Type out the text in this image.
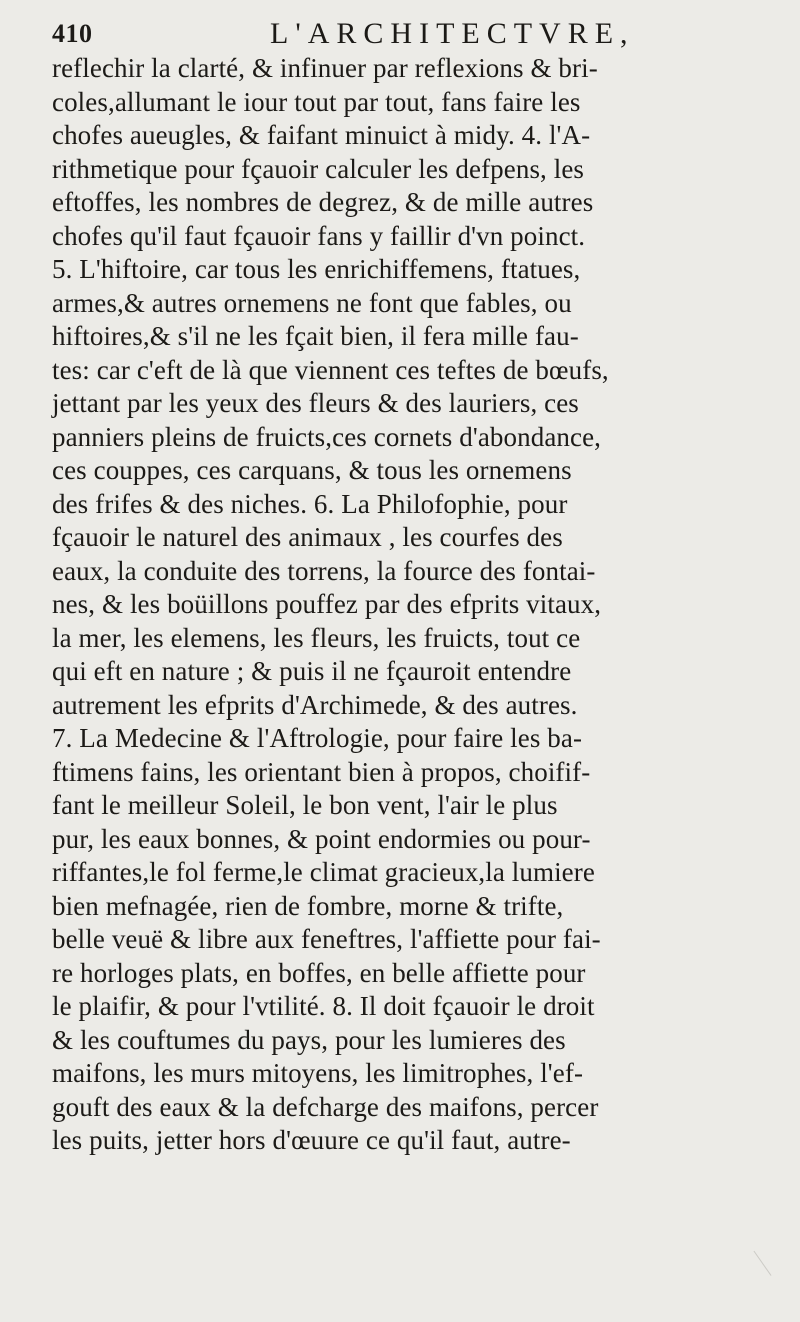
410	L'ARCHITECTVRE,
reflechir la clarté, & infinuer par reflexions & bri-
coles,allumant le iour tout par tout, fans faire les
chofes aueugles, & faifant minuict à midy. 4. l'A-
rithmetique pour fçauoir calculer les defpens, les
eftoffes, les nombres de degrez, & de mille autres
chofes qu'il faut fçauoir fans y faillir d'vn poinct.
5. L'hiftoire, car tous les enrichiffemens, ftatues,
armes,& autres ornemens ne font que fables, ou
hiftoires,& s'il ne les fçait bien, il fera mille fau-
tes: car c'eft de là que viennent ces teftes de bœufs,
jettant par les yeux des fleurs & des lauriers, ces
panniers pleins de fruicts,ces cornets d'abondance,
ces couppes, ces carquans, & tous les ornemens
des frifes & des niches. 6. La Philofophie, pour
fçauoir le naturel des animaux , les courfes des
eaux, la conduite des torrens, la fource des fontai-
nes, & les boüillons pouffez par des efprits vitaux,
la mer, les elemens, les fleurs, les fruicts, tout ce
qui eft en nature ; & puis il ne fçauroit entendre
autrement les efprits d'Archimede, & des autres.
7. La Medecine & l'Aftrologie, pour faire les ba-
ftimens fains, les orientant bien à propos, choifif-
fant le meilleur Soleil, le bon vent, l'air le plus
pur, les eaux bonnes, & point endormies ou pour-
riffantes,le fol ferme,le climat gracieux,la lumiere
bien mefnagée, rien de fombre, morne & trifte,
belle veuë & libre aux feneftres, l'affiette pour fai-
re horloges plats, en boffes, en belle affiette pour
le plaifir, & pour l'vtilité. 8. Il doit fçauoir le droit
& les couftumes du pays, pour les lumieres des
maifons, les murs mitoyens, les limitrophes, l'ef-
gouft des eaux & la defcharge des maifons, percer
les puits, jetter hors d'œuure ce qu'il faut, autre-
